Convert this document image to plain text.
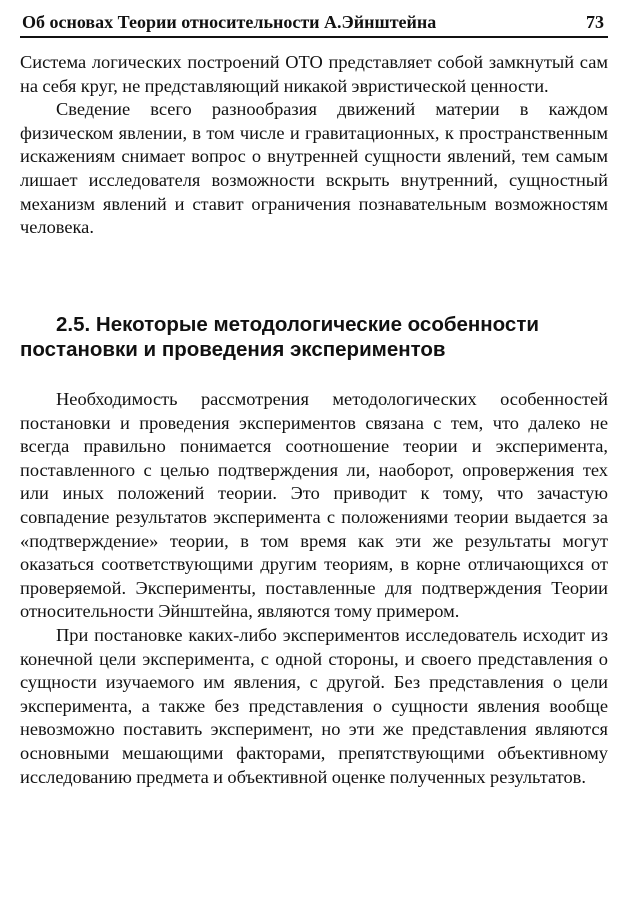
Об основах Теории относительности А.Эйнштейна	73

Система логических построений ОТО представляет собой замкнутый сам на себя круг, не представляющий никакой эвристической ценности.

Сведение всего разнообразия движений материи в каждом физическом явлении, в том числе и гравитационных, к пространственным искажениям снимает вопрос о внутренней сущности явлений, тем самым лишает исследователя возможности вскрыть внутренний, сущностный механизм явлений и ставит ограничения познавательным возможностям человека.

2.5. Некоторые методологические особенности
постановки и проведения экспериментов

Необходимость рассмотрения методологических особенностей постановки и проведения экспериментов связана с тем, что далеко не всегда правильно понимается соотношение теории и эксперимента, поставленного с целью подтверждения ли, наоборот, опровержения тех или иных положений теории. Это приводит к тому, что зачастую совпадение результатов эксперимента с положениями теории выдается за «подтверждение» теории, в том время как эти же результаты могут оказаться соответствующими другим теориям, в корне отличающихся от проверяемой. Эксперименты, поставленные для подтверждения Теории относительности Эйнштейна, являются тому примером.

При постановке каких-либо экспериментов исследователь исходит из конечной цели эксперимента, с одной стороны, и своего представления о сущности изучаемого им явления, с другой. Без представления о цели эксперимента, а также без представления о сущности явления вообще невозможно поставить эксперимент, но эти же представления являются основными мешающими факторами, препятствующими объективному исследованию предмета и объективной оценке полученных результатов.
